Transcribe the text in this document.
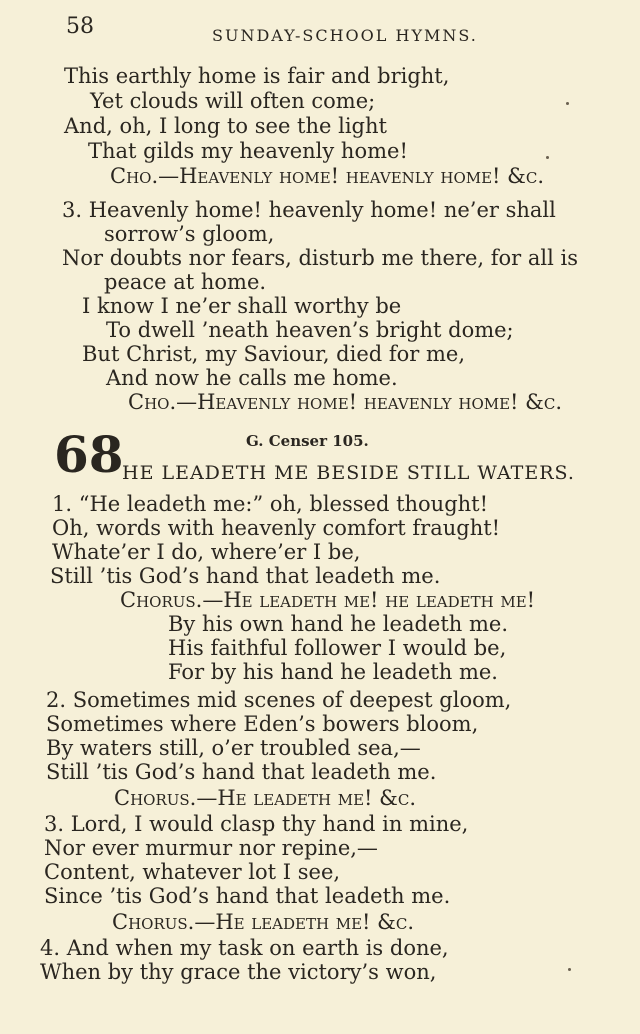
58	SUNDAY-SCHOOL HYMNS.
This earthly home is fair and bright,
Yet clouds will often come;
And, oh, I long to see the light
That gilds my heavenly home!
Cho.—Heavenly home! heavenly home! &c.
3. Heavenly home! heavenly home! ne’er shall
sorrow’s gloom,
Nor doubts nor fears, disturb me there, for all is
peace at home.
I know I ne’er shall worthy be
To dwell ’neath heaven’s bright dome;
But Christ, my Saviour, died for me,
And now he calls me home.
Cho.—Heavenly home! heavenly home! &c.
68	G. Censer 105.
HE LEADETH ME BESIDE STILL WATERS.
1. “He leadeth me:” oh, blessed thought!
Oh, words with heavenly comfort fraught!
Whate’er I do, where’er I be,
Still ’tis God’s hand that leadeth me.
Chorus.—He leadeth me! he leadeth me!
By his own hand he leadeth me.
His faithful follower I would be,
For by his hand he leadeth me.
2. Sometimes mid scenes of deepest gloom,
Sometimes where Eden’s bowers bloom,
By waters still, o’er troubled sea,—
Still ’tis God’s hand that leadeth me.
Chorus.—He leadeth me! &c.
3. Lord, I would clasp thy hand in mine,
Nor ever murmur nor repine,—
Content, whatever lot I see,
Since ’tis God’s hand that leadeth me.
Chorus.—He leadeth me! &c.
4. And when my task on earth is done,
When by thy grace the victory’s won,
